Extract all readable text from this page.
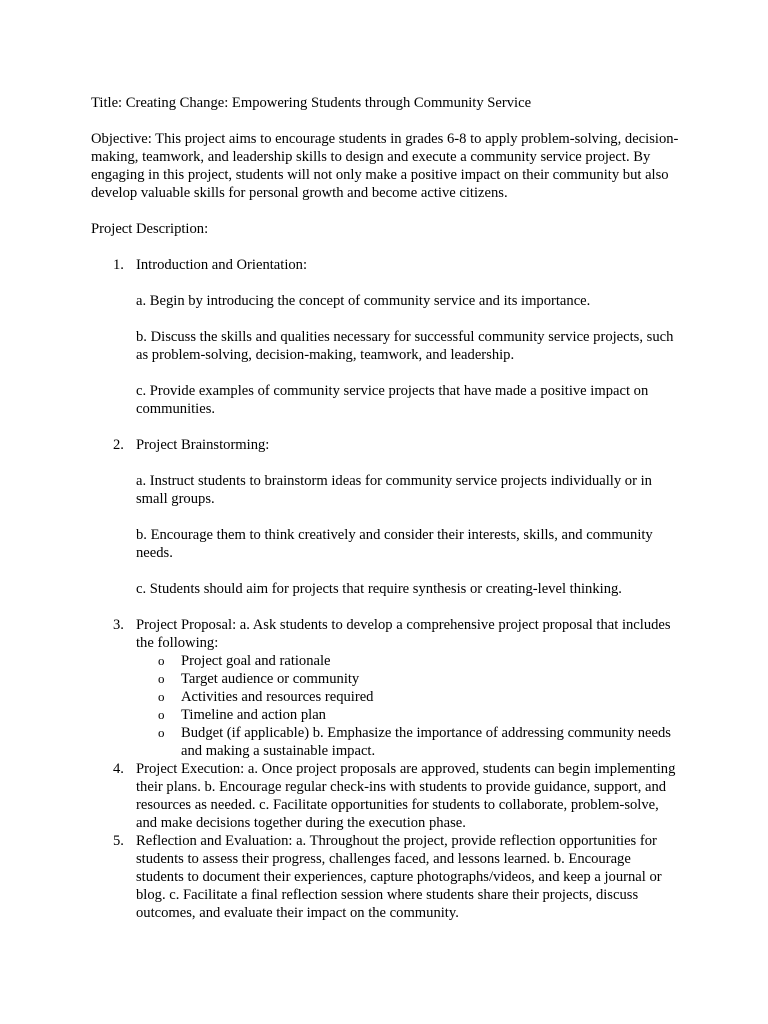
Title: Creating Change: Empowering Students through Community Service

Objective: This project aims to encourage students in grades 6-8 to apply problem-solving, decision-making, teamwork, and leadership skills to design and execute a community service project. By engaging in this project, students will not only make a positive impact on their community but also develop valuable skills for personal growth and become active citizens.

Project Description:

1. Introduction and Orientation:

a. Begin by introducing the concept of community service and its importance.

b. Discuss the skills and qualities necessary for successful community service projects, such as problem-solving, decision-making, teamwork, and leadership.

c. Provide examples of community service projects that have made a positive impact on communities.

2. Project Brainstorming:

a. Instruct students to brainstorm ideas for community service projects individually or in small groups.

b. Encourage them to think creatively and consider their interests, skills, and community needs.

c. Students should aim for projects that require synthesis or creating-level thinking.

3. Project Proposal: a. Ask students to develop a comprehensive project proposal that includes the following:

o Project goal and rationale
o Target audience or community
o Activities and resources required
o Timeline and action plan
o Budget (if applicable) b. Emphasize the importance of addressing community needs and making a sustainable impact.
4. Project Execution: a. Once project proposals are approved, students can begin implementing their plans. b. Encourage regular check-ins with students to provide guidance, support, and resources as needed. c. Facilitate opportunities for students to collaborate, problem-solve, and make decisions together during the execution phase.

5. Reflection and Evaluation: a. Throughout the project, provide reflection opportunities for students to assess their progress, challenges faced, and lessons learned. b. Encourage students to document their experiences, capture photographs/videos, and keep a journal or blog. c. Facilitate a final reflection session where students share their projects, discuss outcomes, and evaluate their impact on the community.
